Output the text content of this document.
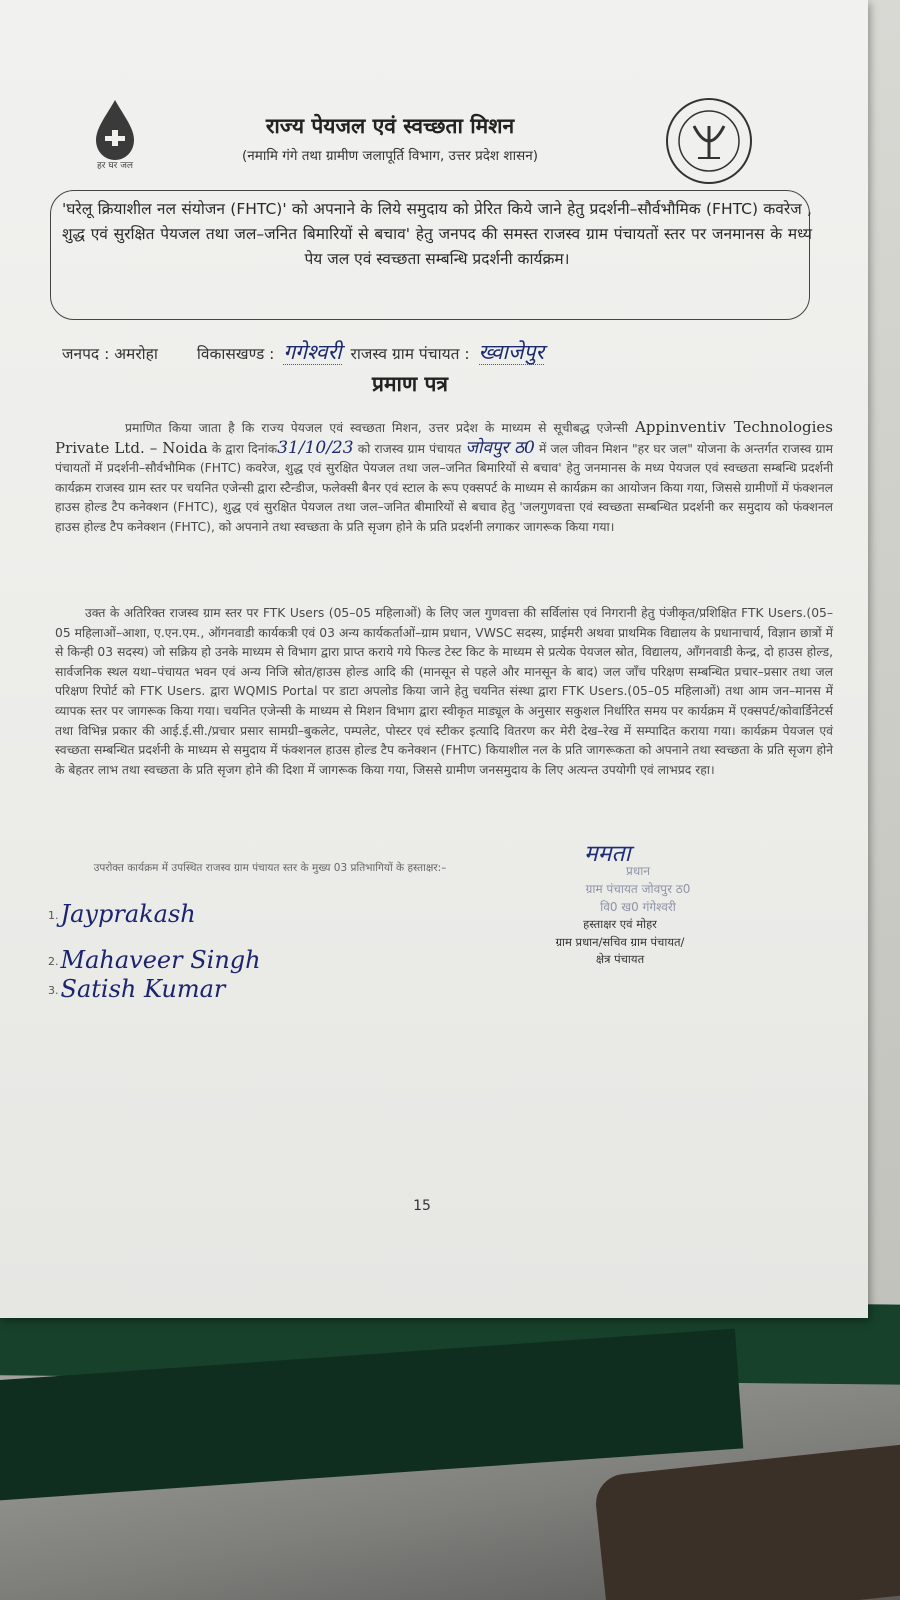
हर घर जल
राज्य पेयजल एवं स्वच्छता मिशन
(नमामि गंगे तथा ग्रामीण जलापूर्ति विभाग, उत्तर प्रदेश शासन)
'घरेलू क्रियाशील नल संयोजन (FHTC)' को अपनाने के लिये समुदाय को प्रेरित किये जाने हेतु प्रदर्शनी–सौर्वभौमिक (FHTC) कवरेज , शुद्ध एवं सुरक्षित पेयजल तथा जल–जनित बिमारियों से बचाव' हेतु जनपद की समस्त राजस्व ग्राम पंचायतों स्तर पर जनमानस के मध्य पेय जल एवं स्वच्छता सम्बन्धि प्रदर्शनी कार्यक्रम।
जनपद : अमरोहा	विकासखण्ड : गगेश्वरी राजस्व ग्राम पंचायत : ख्वाजेपुर
प्रमाण पत्र
प्रमाणित किया जाता है कि राज्य पेयजल एवं स्वच्छता मिशन, उत्तर प्रदेश के माध्यम से सूचीबद्ध एजेन्सी Appinventiv Technologies Private Ltd. – Noida के द्वारा दिनांक31/10/23 को राजस्व ग्राम पंचायत जोवपुर ठ0 में जल जीवन मिशन "हर घर जल" योजना के अन्तर्गत राजस्व ग्राम पंचायतों में प्रदर्शनी–सौर्वभौमिक (FHTC) कवरेज, शुद्ध एवं सुरक्षित पेयजल तथा जल–जनित बिमारियों से बचाव' हेतु जनमानस के मध्य पेयजल एवं स्वच्छता सम्बन्धि प्रदर्शनी कार्यक्रम राजस्व ग्राम स्तर पर चयनित एजेन्सी द्वारा स्टैन्डीज, फलेक्सी बैनर एवं स्टाल के रूप एक्सपर्ट के माध्यम से कार्यक्रम का आयोजन किया गया, जिससे ग्रामीणों में फंक्शनल हाउस होल्ड टैप कनेक्शन (FHTC), शुद्ध एवं सुरक्षित पेयजल तथा जल–जनित बीमारियों से बचाव हेतु 'जलगुणवत्ता एवं स्वच्छता सम्बन्धित प्रदर्शनी कर समुदाय को फंक्शनल हाउस होल्ड टैप कनेक्शन (FHTC), को अपनाने तथा स्वच्छता के प्रति सृजग होने के प्रति प्रदर्शनी लगाकर जागरूक किया गया।
उक्त के अतिरिक्त राजस्व ग्राम स्तर पर FTK Users (05–05 महिलाओं) के लिए जल गुणवत्ता की सर्विलांस एवं निगरानी हेतु पंजीकृत/प्रशिक्षित FTK Users.(05–05 महिलाओं–आशा, ए.एन.एम., ऑगनवाडी कार्यकत्री एवं 03 अन्य कार्यकर्ताओं–ग्राम प्रधान, VWSC सदस्य, प्राईमरी अथवा प्राथमिक विद्यालय के प्रधानाचार्य, विज्ञान छात्रों में से किन्ही 03 सदस्य) जो सक्रिय हो उनके माध्यम से विभाग द्वारा प्राप्त कराये गये फिल्ड टेस्ट किट के माध्यम से प्रत्येक पेयजल स्रोत, विद्यालय, आँगनवाडी केन्द्र, दो हाउस होल्ड, सार्वजनिक स्थल यथा–पंचायत भवन एवं अन्य निजि स्रोत/हाउस होल्ड आदि की (मानसून से पहले और मानसून के बाद) जल जाँच परिक्षण सम्बन्धित प्रचार–प्रसार तथा जल परिक्षण रिपोर्ट को FTK Users. द्वारा WQMIS Portal पर डाटा अपलोड किया जाने हेतु चयनित संस्था द्वारा FTK Users.(05–05 महिलाओं) तथा आम जन–मानस में व्यापक स्तर पर जागरूक किया गया। चयनित एजेन्सी के माध्यम से मिशन विभाग द्वारा स्वीकृत माड्यूल के अनुसार सकुशल निर्धारित समय पर कार्यक्रम में एक्सपर्ट/कोवार्डिनेटर्स तथा विभिन्न प्रकार की आई.ई.सी./प्रचार प्रसार सामग्री–बुकलेट, पम्पलेट, पोस्टर एवं स्टीकर इत्यादि वितरण कर मेरी देख–रेख में सम्पादित कराया गया। कार्यक्रम पेयजल एवं स्वच्छता सम्बन्धित प्रदर्शनी के माध्यम से समुदाय में फंक्शनल हाउस होल्ड टैप कनेक्शन (FHTC) कियाशील नल के प्रति जागरूकता को अपनाने तथा स्वच्छता के प्रति सृजग होने के बेहतर लाभ तथा स्वच्छता के प्रति सृजग होने की दिशा में जागरूक किया गया, जिससे ग्रामीण जनसमुदाय के लिए अत्यन्त उपयोगी एवं लाभप्रद रहा।
उपरोक्त कार्यक्रम में उपस्थित राजस्व ग्राम पंचायत स्तर के मुख्य 03 प्रतिभागियों के हस्ताक्षर:–
1.Jayprakash
2.Mahaveer Singh
3.Satish Kumar
ममता
प्रधान
ग्राम पंचायत जोवपुर ठ0
वि0 ख0 गंगेश्वरी
हस्ताक्षर एवं मोहर
ग्राम प्रधान/सचिव ग्राम पंचायत/
क्षेत्र पंचायत
15
